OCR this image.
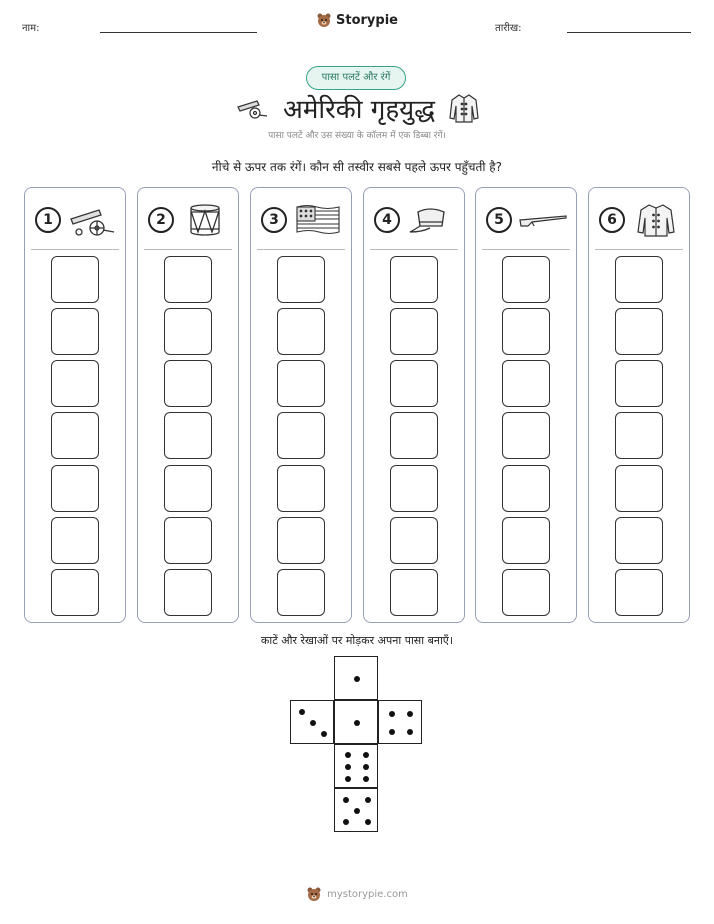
नाम:
Storypie
तारीख:
पासा पलटें और रंगें
अमेरिकी गृहयुद्ध
पासा पलटें और उस संख्या के कॉलम में एक डिब्बा रंगें।
नीचे से ऊपर तक रंगें। कौन सी तस्वीर सबसे पहले ऊपर पहुँचती है?
1	2	3	4	5	6
काटें और रेखाओं पर मोड़कर अपना पासा बनाएँ।
mystorypie.com
